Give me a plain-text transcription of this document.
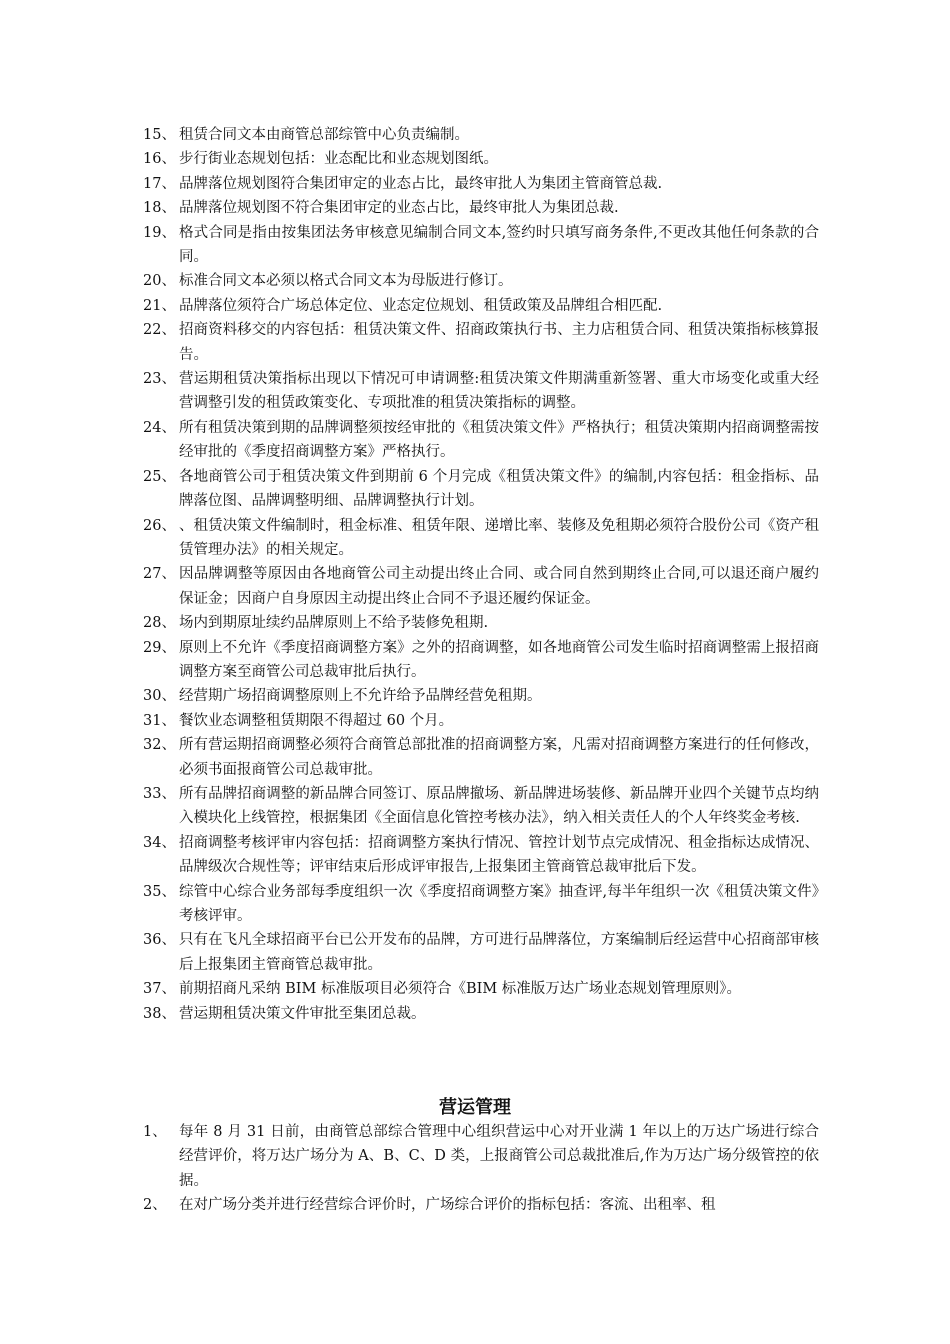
15、 租赁合同文本由商管总部综管中心负责编制。
16、 步行街业态规划包括：业态配比和业态规划图纸。
17、 品牌落位规划图符合集团审定的业态占比，最终审批人为集团主管商管总裁.
18、 品牌落位规划图不符合集团审定的业态占比，最终审批人为集团总裁.
19、 格式合同是指由按集团法务审核意见编制合同文本,签约时只填写商务条件,不更改其他任何条款的合同。
20、 标准合同文本必须以格式合同文本为母版进行修订。
21、 品牌落位须符合广场总体定位、业态定位规划、租赁政策及品牌组合相匹配.
22、 招商资料移交的内容包括：租赁决策文件、招商政策执行书、主力店租赁合同、租赁决策指标核算报告。
23、 营运期租赁决策指标出现以下情况可申请调整:租赁决策文件期满重新签署、重大市场变化或重大经营调整引发的租赁政策变化、专项批准的租赁决策指标的调整。
24、 所有租赁决策到期的品牌调整须按经审批的《租赁决策文件》严格执行；租赁决策期内招商调整需按经审批的《季度招商调整方案》严格执行。
25、 各地商管公司于租赁决策文件到期前 6 个月完成《租赁决策文件》的编制,内容包括：租金指标、品牌落位图、品牌调整明细、品牌调整执行计划。
26、 、租赁决策文件编制时，租金标准、租赁年限、递增比率、装修及免租期必须符合股份公司《资产租赁管理办法》的相关规定。
27、 因品牌调整等原因由各地商管公司主动提出终止合同、或合同自然到期终止合同,可以退还商户履约保证金；因商户自身原因主动提出终止合同不予退还履约保证金。
28、 场内到期原址续约品牌原则上不给予装修免租期.
29、 原则上不允许《季度招商调整方案》之外的招商调整，如各地商管公司发生临时招商调整需上报招商调整方案至商管公司总裁审批后执行。
30、 经营期广场招商调整原则上不允许给予品牌经营免租期。
31、 餐饮业态调整租赁期限不得超过 60 个月。
32、 所有营运期招商调整必须符合商管总部批准的招商调整方案，凡需对招商调整方案进行的任何修改，必须书面报商管公司总裁审批。
33、 所有品牌招商调整的新品牌合同签订、原品牌撤场、新品牌进场装修、新品牌开业四个关键节点均纳入模块化上线管控，根据集团《全面信息化管控考核办法》，纳入相关责任人的个人年终奖金考核.
34、 招商调整考核评审内容包括：招商调整方案执行情况、管控计划节点完成情况、租金指标达成情况、品牌级次合规性等；评审结束后形成评审报告,上报集团主管商管总裁审批后下发。
35、 综管中心综合业务部每季度组织一次《季度招商调整方案》抽查评,每半年组织一次《租赁决策文件》考核评审。
36、 只有在飞凡全球招商平台已公开发布的品牌，方可进行品牌落位，方案编制后经运营中心招商部审核后上报集团主管商管总裁审批。
37、 前期招商凡采纳 BIM 标准版项目必须符合《BIM 标准版万达广场业态规划管理原则》。
38、 营运期租赁决策文件审批至集团总裁。
营运管理
1、 每年 8 月 31 日前，由商管总部综合管理中心组织营运中心对开业满 1 年以上的万达广场进行综合经营评价，将万达广场分为 A、B、C、D 类，上报商管公司总裁批准后,作为万达广场分级管控的依据。
2、 在对广场分类并进行经营综合评价时，广场综合评价的指标包括：客流、出租率、租
